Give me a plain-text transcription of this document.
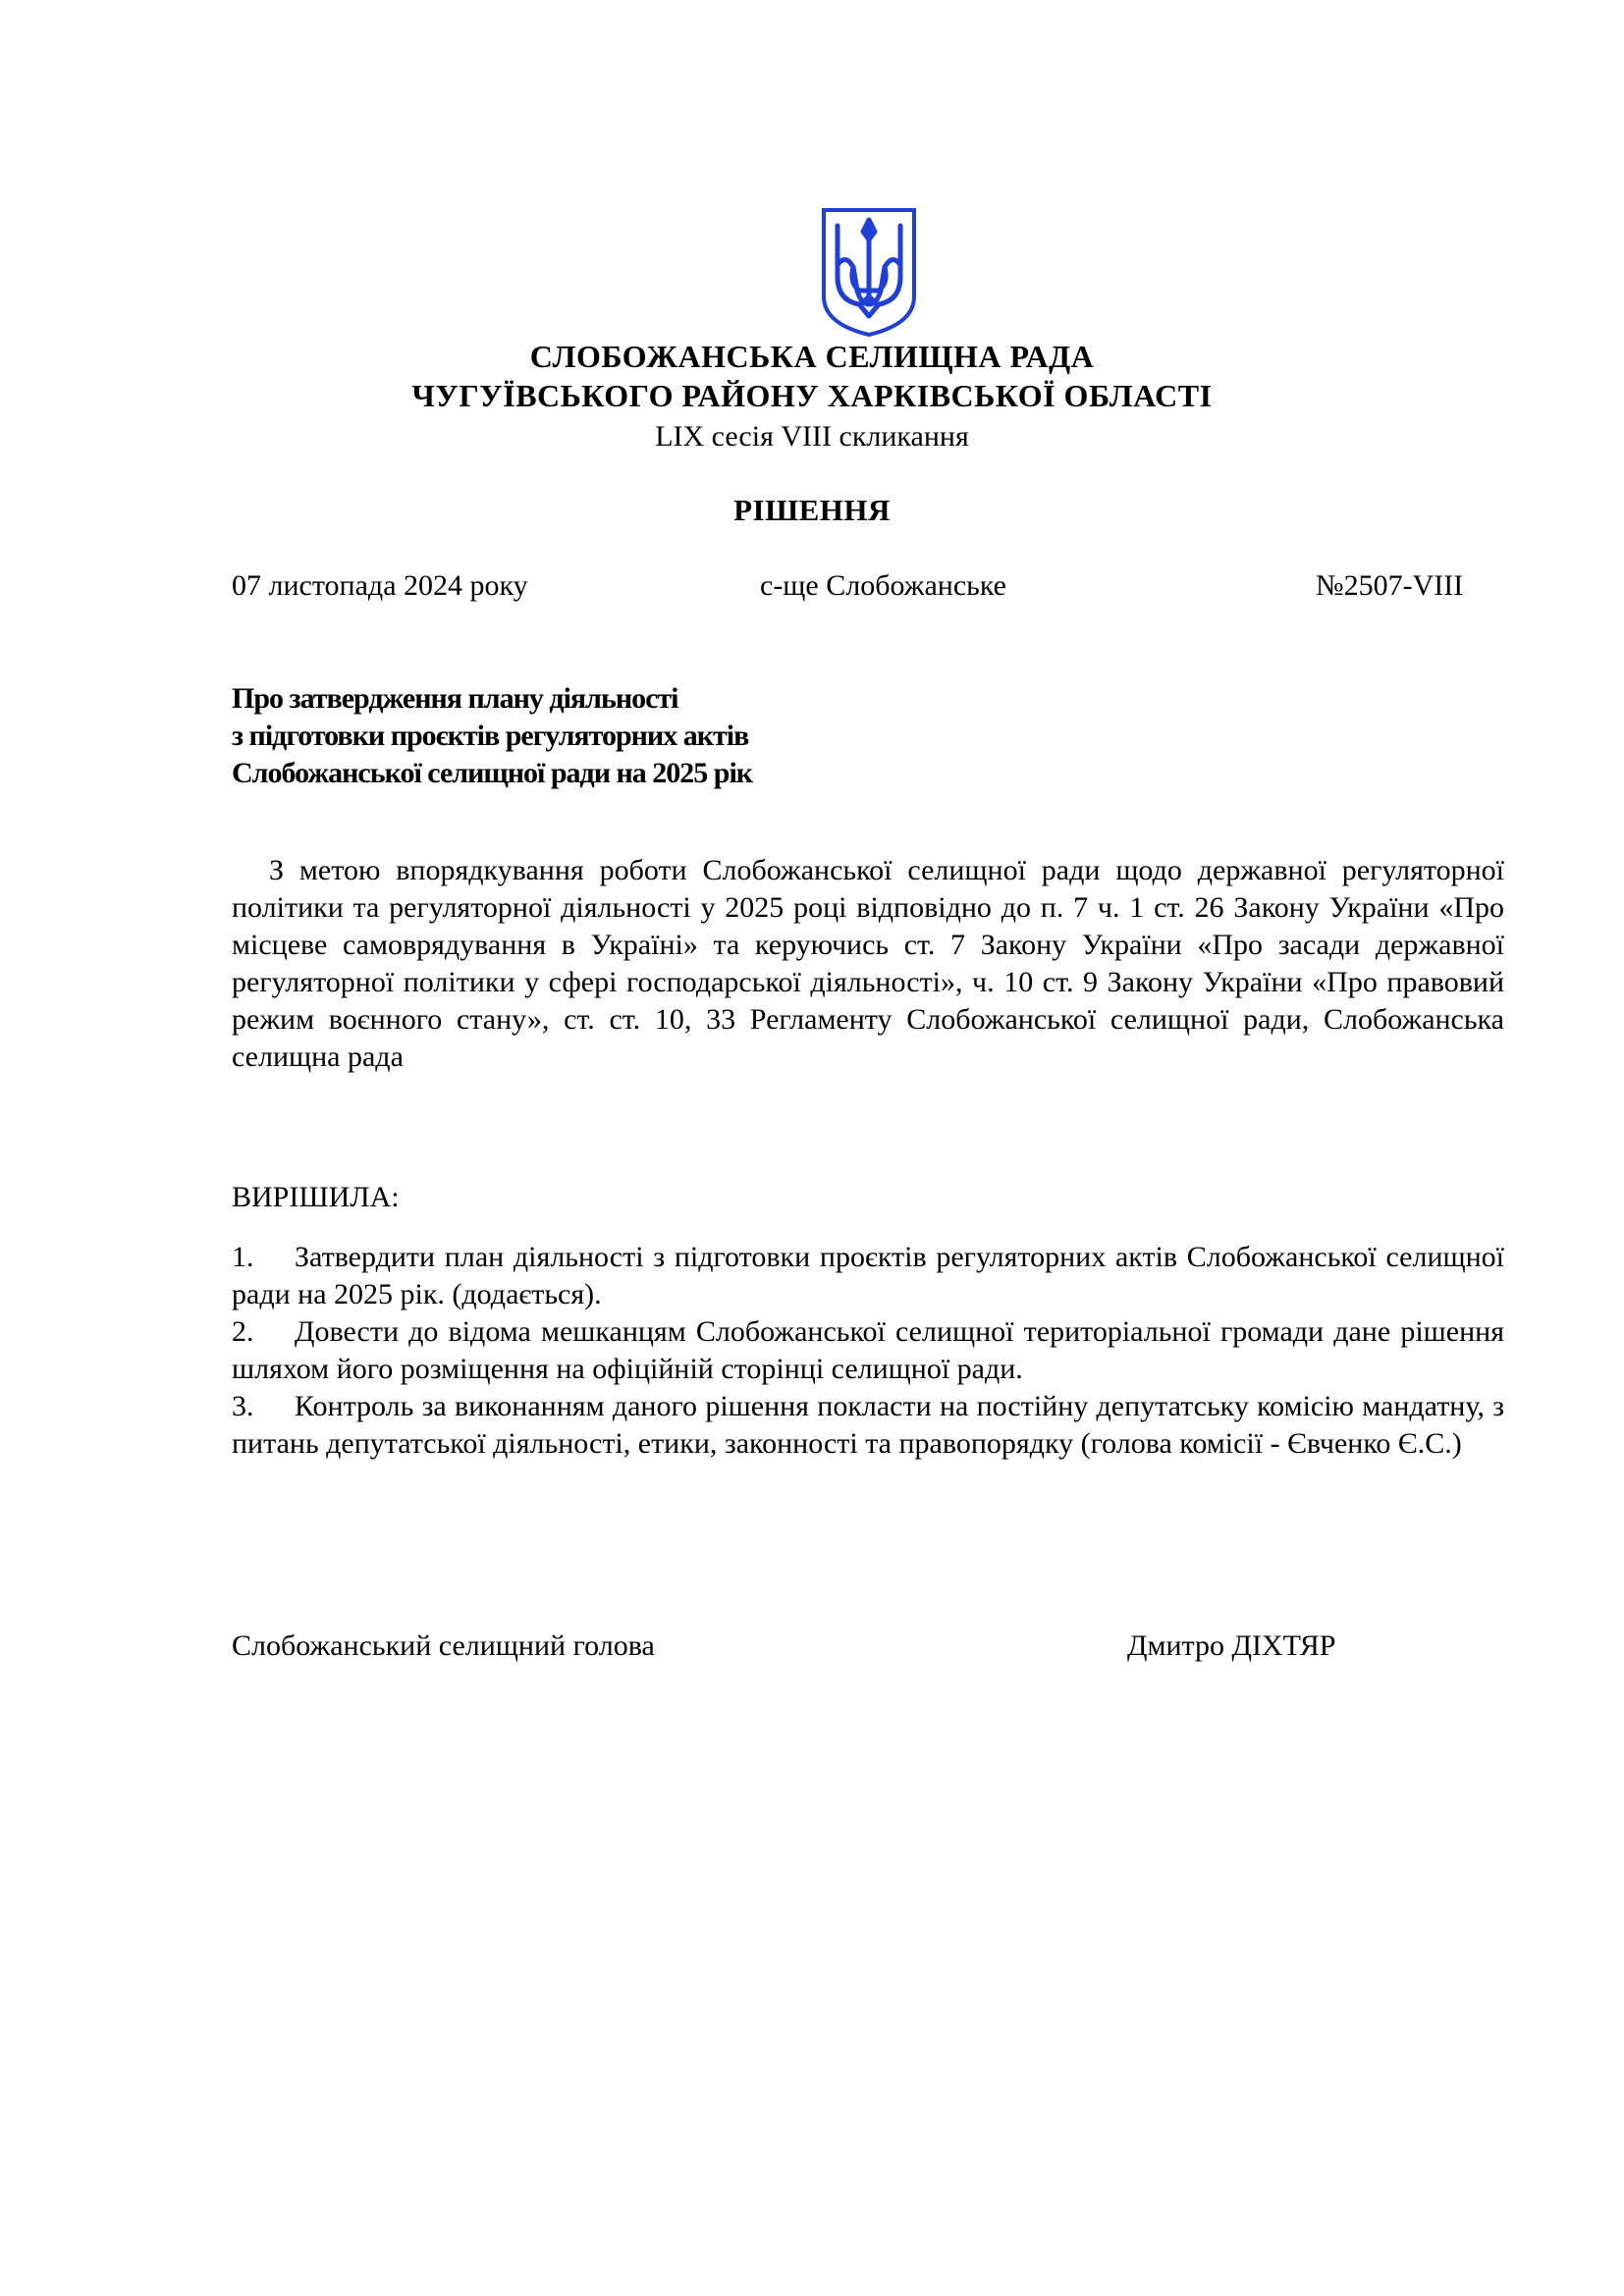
СЛОБОЖАНСЬКА СЕЛИЩНА РАДА
ЧУГУЇВСЬКОГО РАЙОНУ ХАРКІВСЬКОЇ ОБЛАСТІ
LIX сесія VIII скликання
РІШЕННЯ
07 листопада 2024 року	с-ще Слобожанське	№2507-VIII
Про затвердження плану діяльності
з підготовки проєктів регуляторних актів
Слобожанської селищної ради на 2025 рік
З метою впорядкування роботи Слобожанської селищної ради щодо державної регуляторної політики та регуляторної діяльності у 2025 році відповідно до п. 7 ч. 1 ст. 26 Закону України «Про місцеве самоврядування в Україні» та керуючись ст. 7 Закону України «Про засади державної регуляторної політики у сфері господарської діяльності», ч. 10 ст. 9 Закону України «Про правовий режим воєнного стану», ст. ст. 10, 33 Регламенту Слобожанської селищної ради, Слобожанська селищна рада
ВИРІШИЛА:
1. Затвердити план діяльності з підготовки проєктів регуляторних актів Слобожанської селищної ради на 2025 рік. (додається).
2. Довести до відома мешканцям Слобожанської селищної територіальної громади дане рішення шляхом його розміщення на офіційній сторінці селищної ради.
3. Контроль за виконанням даного рішення покласти на постійну депутатську комісію мандатну, з питань депутатської діяльності, етики, законності та правопорядку (голова комісії - Євченко Є.С.)
Слобожанський селищний голова	Дмитро ДІХТЯР
